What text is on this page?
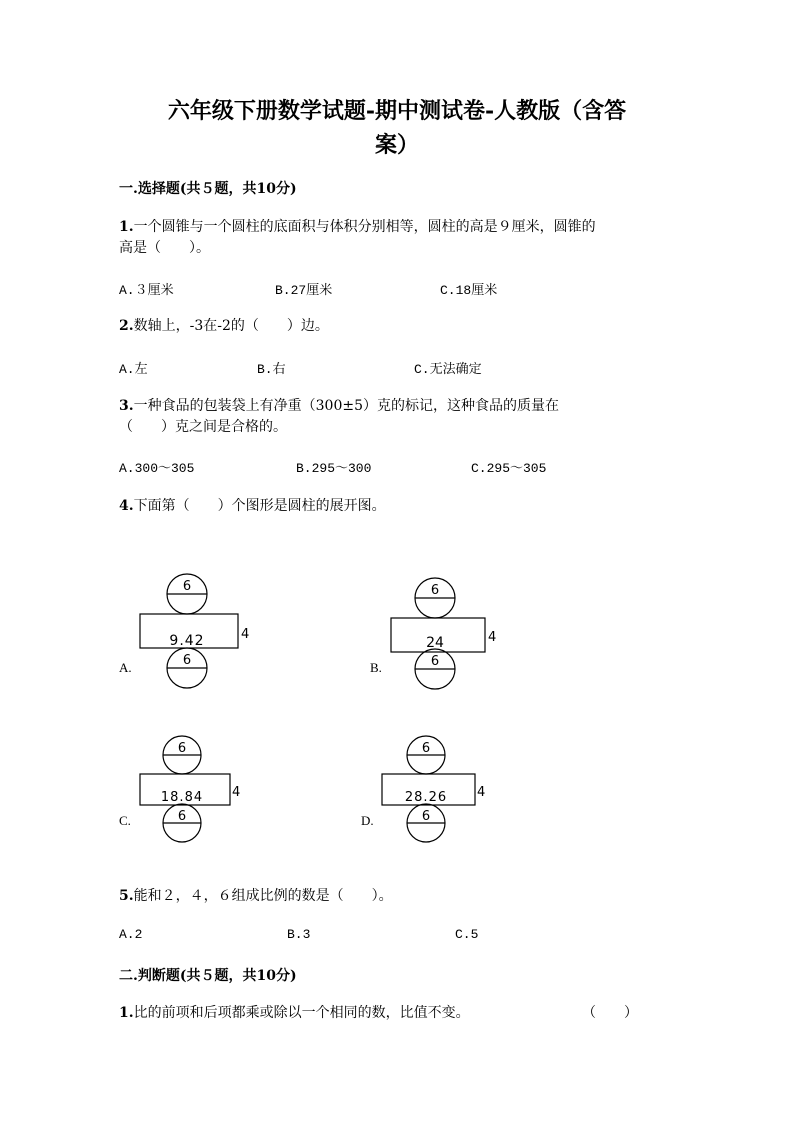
六年级下册数学试题-期中测试卷-人教版（含答
案）
一.选择题(共５题，共10分)
1.一个圆锥与一个圆柱的底面积与体积分别相等，圆柱的高是９厘米，圆锥的
高是（　　）。
A.３厘米	B.27厘米	C.18厘米
2.数轴上，-3在-2的（　　）边。
A.左	B.右	C.无法确定
3.一种食品的包装袋上有净重（300±5）克的标记，这种食品的质量在
（　　）克之间是合格的。
A.300～305	B.295～300	C.295～305
4.下面第（　　）个图形是圆柱的展开图。
A.
6
9.42	4
6	B.
6
24	4
6
C.
6
18.84 4
6	D.
6
28.26 4
6
5.能和２，４，６组成比例的数是（　　）。
A.2	B.3	C.5
二.判断题(共５题，共10分)
1.比的前项和后项都乘或除以一个相同的数，比值不变。	（　　）
